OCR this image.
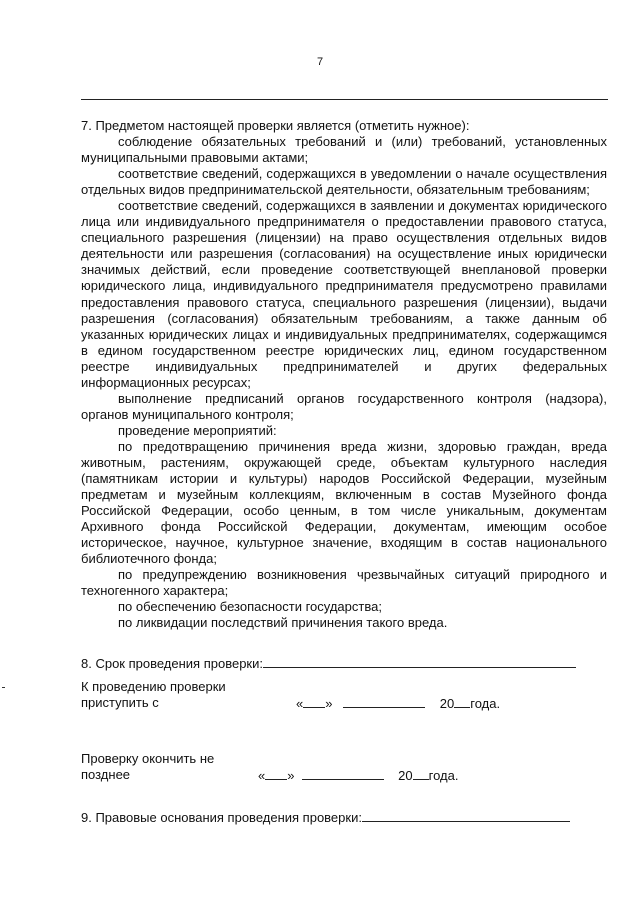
7

7. Предметом настоящей проверки является (отметить нужное):

соблюдение обязательных требований и (или) требований, установленных муниципальными правовыми актами;

соответствие сведений, содержащихся в уведомлении о начале осуществления отдельных видов предпринимательской деятельности, обязательным требованиям;

соответствие сведений, содержащихся в заявлении и документах юридического лица или индивидуального предпринимателя о предоставлении правового статуса, специального разрешения (лицензии) на право осуществления отдельных видов деятельности или разрешения (согласования) на осуществление иных юридически значимых действий, если проведение соответствующей внеплановой проверки юридического лица, индивидуального предпринимателя предусмотрено правилами предоставления правового статуса, специального разрешения (лицензии), выдачи разрешения (согласования) обязательным требованиям, а также данным об указанных юридических лицах и индивидуальных предпринимателях, содержащимся в едином государственном реестре юридических лиц, едином государственном реестре индивидуальных предпринимателей и других федеральных информационных ресурсах;

выполнение предписаний органов государственного контроля (надзора), органов муниципального контроля;

проведение мероприятий:

по предотвращению причинения вреда жизни, здоровью граждан, вреда животным, растениям, окружающей среде, объектам культурного наследия (памятникам истории и культуры) народов Российской Федерации, музейным предметам и музейным коллекциям, включенным в состав Музейного фонда Российской Федерации, особо ценным, в том числе уникальным, документам Архивного фонда Российской Федерации, документам, имеющим особое историческое, научное, культурное значение, входящим в состав национального библиотечного фонда;

по предупреждению возникновения чрезвычайных ситуаций природного и техногенного характера;

по обеспечению безопасности государства;

по ликвидации последствий причинения такого вреда.

8. Срок проведения проверки:
К проведению проверки
приступить с	« »	20 года.
Проверку окончить не
позднее	« »	20 года.
9. Правовые основания проведения проверки:
